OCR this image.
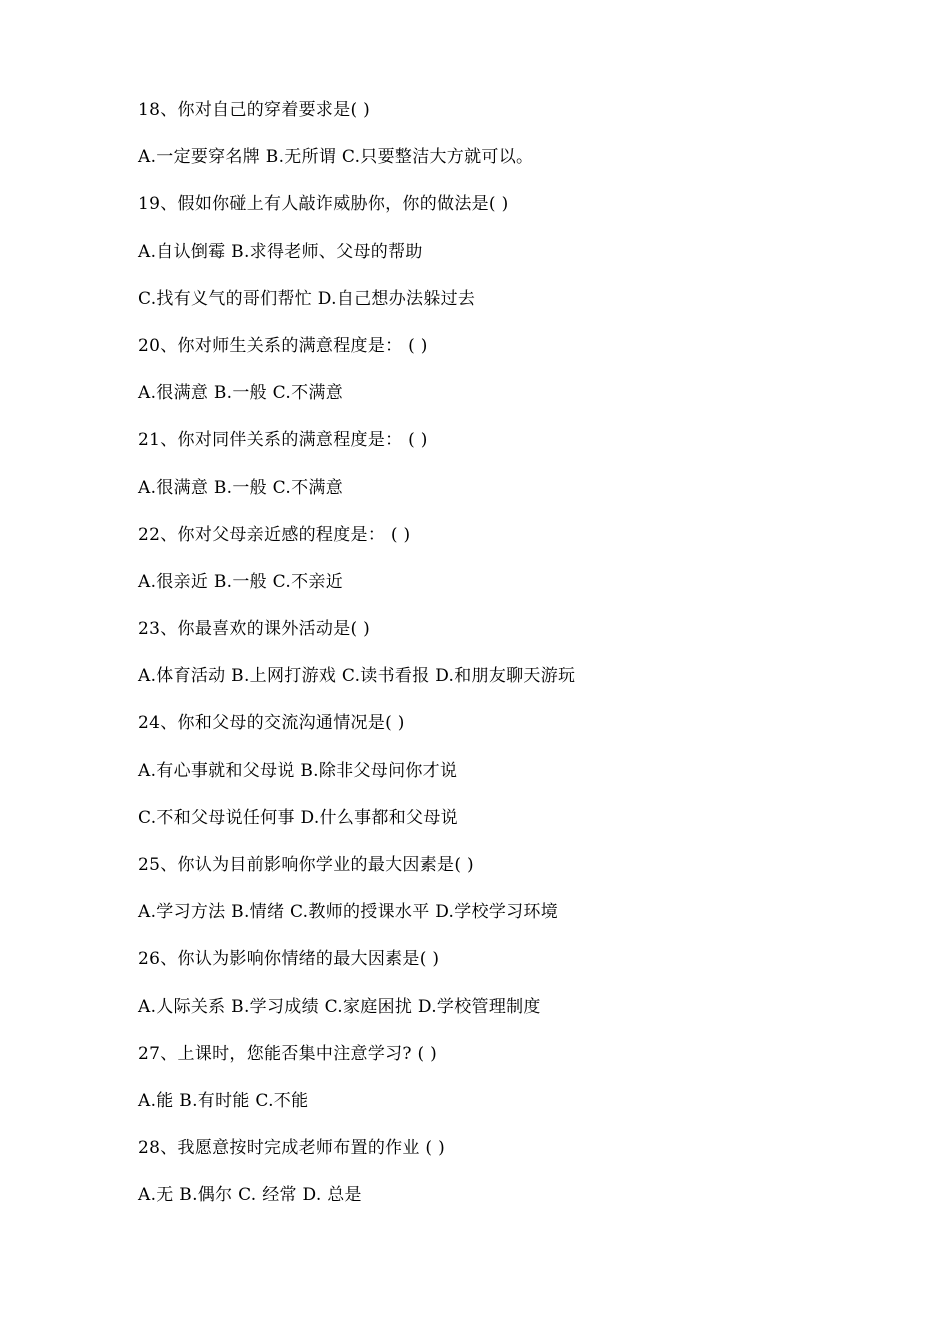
18、你对自己的穿着要求是( )
A.一定要穿名牌 B.无所谓 C.只要整洁大方就可以。
19、假如你碰上有人敲诈威胁你，你的做法是( )
A.自认倒霉 B.求得老师、父母的帮助
C.找有义气的哥们帮忙 D.自己想办法躲过去
20、你对师生关系的满意程度是： ( )
A.很满意 B.一般 C.不满意
21、你对同伴关系的满意程度是： ( )
A.很满意 B.一般 C.不满意
22、你对父母亲近感的程度是： ( )
A.很亲近 B.一般 C.不亲近
23、你最喜欢的课外活动是( )
A.体育活动 B.上网打游戏 C.读书看报 D.和朋友聊天游玩
24、你和父母的交流沟通情况是( )
A.有心事就和父母说 B.除非父母问你才说
C.不和父母说任何事 D.什么事都和父母说
25、你认为目前影响你学业的最大因素是( )
A.学习方法 B.情绪 C.教师的授课水平 D.学校学习环境
26、你认为影响你情绪的最大因素是( )
A.人际关系 B.学习成绩 C.家庭困扰 D.学校管理制度
27、上课时，您能否集中注意学习? ( )
A.能 B.有时能 C.不能
28、我愿意按时完成老师布置的作业 ( )
A.无 B.偶尔 C. 经常 D. 总是
